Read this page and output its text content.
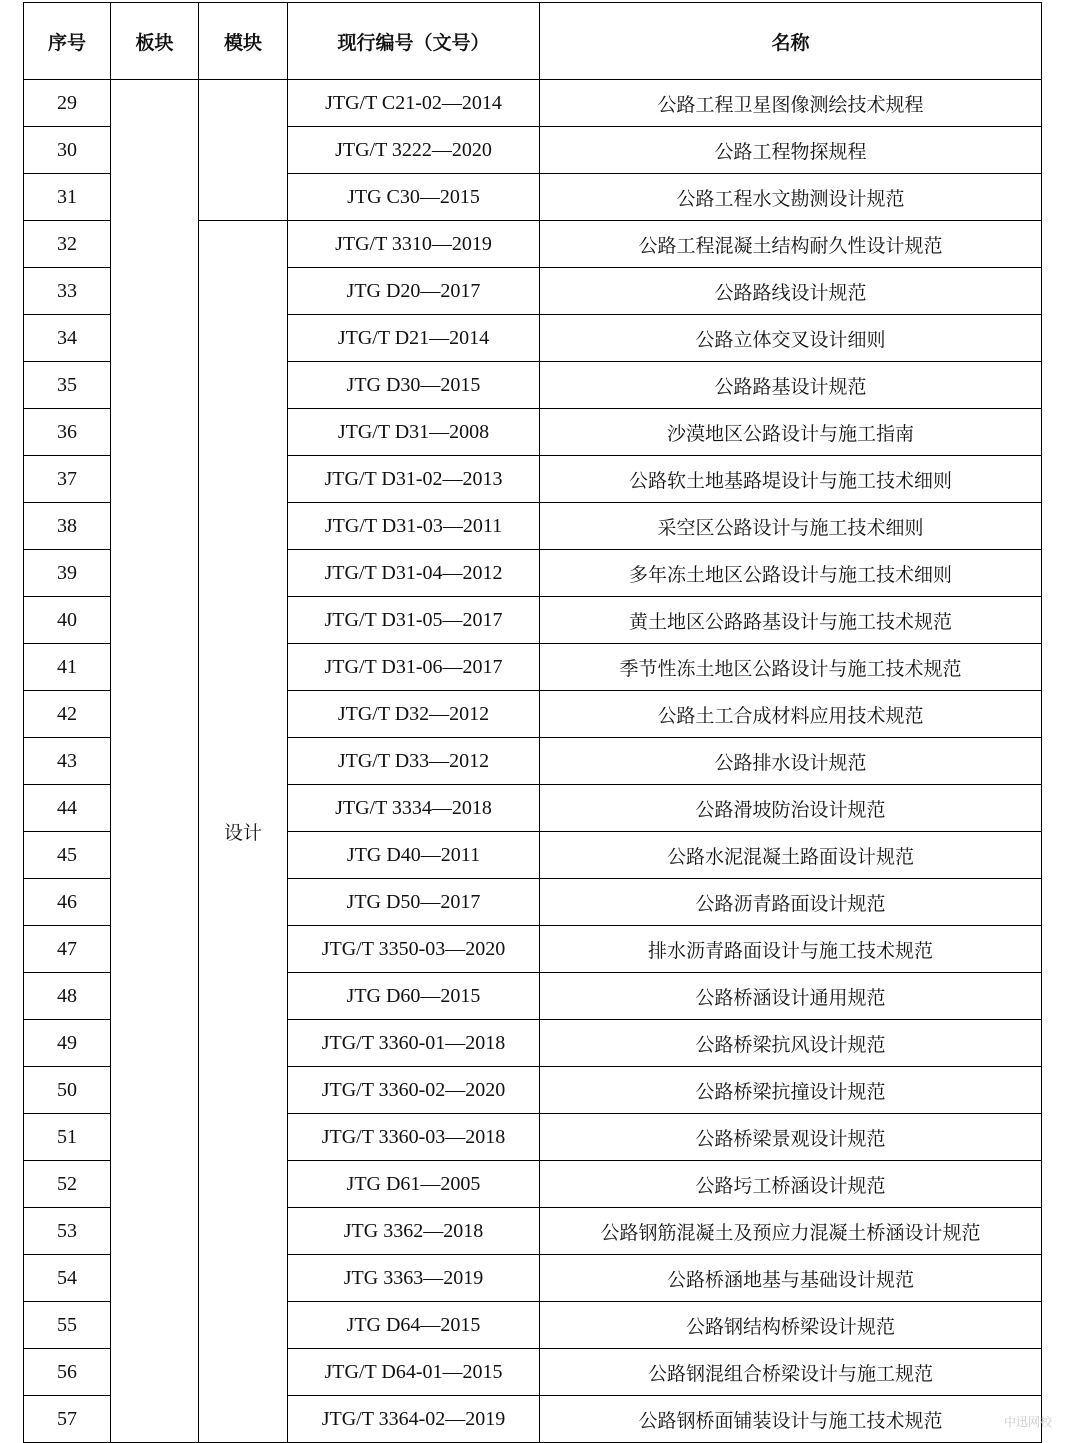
序号	板块	模块	现行编号（文号）	名称
29			JTG/T C21-02—2014	公路工程卫星图像测绘技术规程
30			JTG/T 3222—2020	公路工程物探规程
31			JTG C30—2015	公路工程水文勘测设计规范
32		设计	JTG/T 3310—2019	公路工程混凝土结构耐久性设计规范
33			JTG D20—2017	公路路线设计规范
34			JTG/T D21—2014	公路立体交叉设计细则
35			JTG D30—2015	公路路基设计规范
36			JTG/T D31—2008	沙漠地区公路设计与施工指南
37			JTG/T D31-02—2013	公路软土地基路堤设计与施工技术细则
38			JTG/T D31-03—2011	采空区公路设计与施工技术细则
39			JTG/T D31-04—2012	多年冻土地区公路设计与施工技术细则
40			JTG/T D31-05—2017	黄土地区公路路基设计与施工技术规范
41			JTG/T D31-06—2017	季节性冻土地区公路设计与施工技术规范
42			JTG/T D32—2012	公路土工合成材料应用技术规范
43			JTG/T D33—2012	公路排水设计规范
44			JTG/T 3334—2018	公路滑坡防治设计规范
45			JTG D40—2011	公路水泥混凝土路面设计规范
46			JTG D50—2017	公路沥青路面设计规范
47			JTG/T 3350-03—2020	排水沥青路面设计与施工技术规范
48			JTG D60—2015	公路桥涵设计通用规范
49			JTG/T 3360-01—2018	公路桥梁抗风设计规范
50			JTG/T 3360-02—2020	公路桥梁抗撞设计规范
51			JTG/T 3360-03—2018	公路桥梁景观设计规范
52			JTG D61—2005	公路圬工桥涵设计规范
53			JTG 3362—2018	公路钢筋混凝土及预应力混凝土桥涵设计规范
54			JTG 3363—2019	公路桥涵地基与基础设计规范
55			JTG D64—2015	公路钢结构桥梁设计规范
56			JTG/T D64-01—2015	公路钢混组合桥梁设计与施工规范
57			JTG/T 3364-02—2019	公路钢桥面铺装设计与施工技术规范	中迅网校
